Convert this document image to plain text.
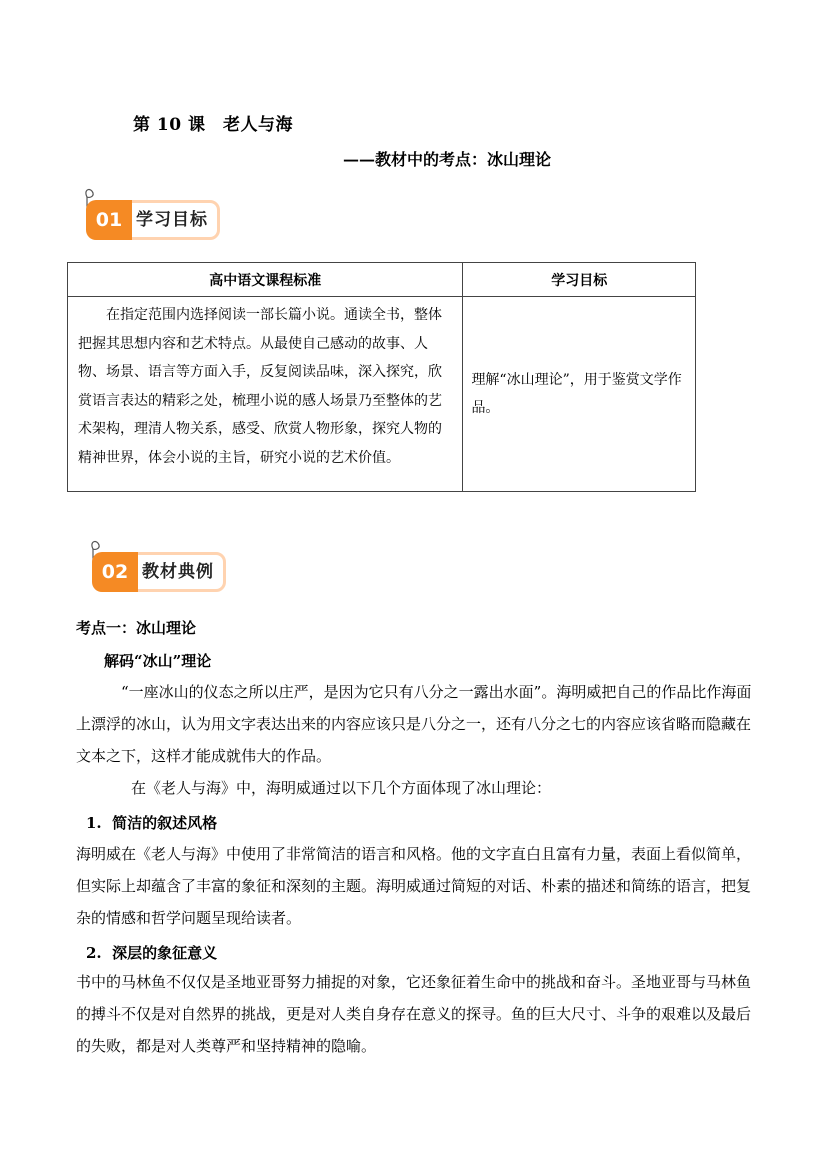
第 10 课　老人与海
——教材中的考点：冰山理论
01 学习目标
高中语文课程标准	学习目标
在指定范围内选择阅读一部长篇小说。通读全书，整体把握其思想内容和艺术特点。从最使自己感动的故事、人物、场景、语言等方面入手，反复阅读品味，深入探究，欣赏语言表达的精彩之处，梳理小说的感人场景乃至整体的艺术架构，理清人物关系，感受、欣赏人物形象，探究人物的精神世界，体会小说的主旨，研究小说的艺术价值。	理解“冰山理论”，用于鉴赏文学作品。
02 教材典例
考点一：冰山理论
解码“冰山”理论
“一座冰山的仪态之所以庄严，是因为它只有八分之一露出水面”。海明威把自己的作品比作海面上漂浮的冰山，认为用文字表达出来的内容应该只是八分之一，还有八分之七的内容应该省略而隐藏在文本之下，这样才能成就伟大的作品。
在《老人与海》中，海明威通过以下几个方面体现了冰山理论：
1.  简洁的叙述风格
海明威在《老人与海》中使用了非常简洁的语言和风格。他的文字直白且富有力量，表面上看似简单，但实际上却蕴含了丰富的象征和深刻的主题。海明威通过简短的对话、朴素的描述和简练的语言，把复杂的情感和哲学问题呈现给读者。
2.  深层的象征意义
书中的马林鱼不仅仅是圣地亚哥努力捕捉的对象，它还象征着生命中的挑战和奋斗。圣地亚哥与马林鱼的搏斗不仅是对自然界的挑战，更是对人类自身存在意义的探寻。鱼的巨大尺寸、斗争的艰难以及最后的失败，都是对人类尊严和坚持精神的隐喻。
